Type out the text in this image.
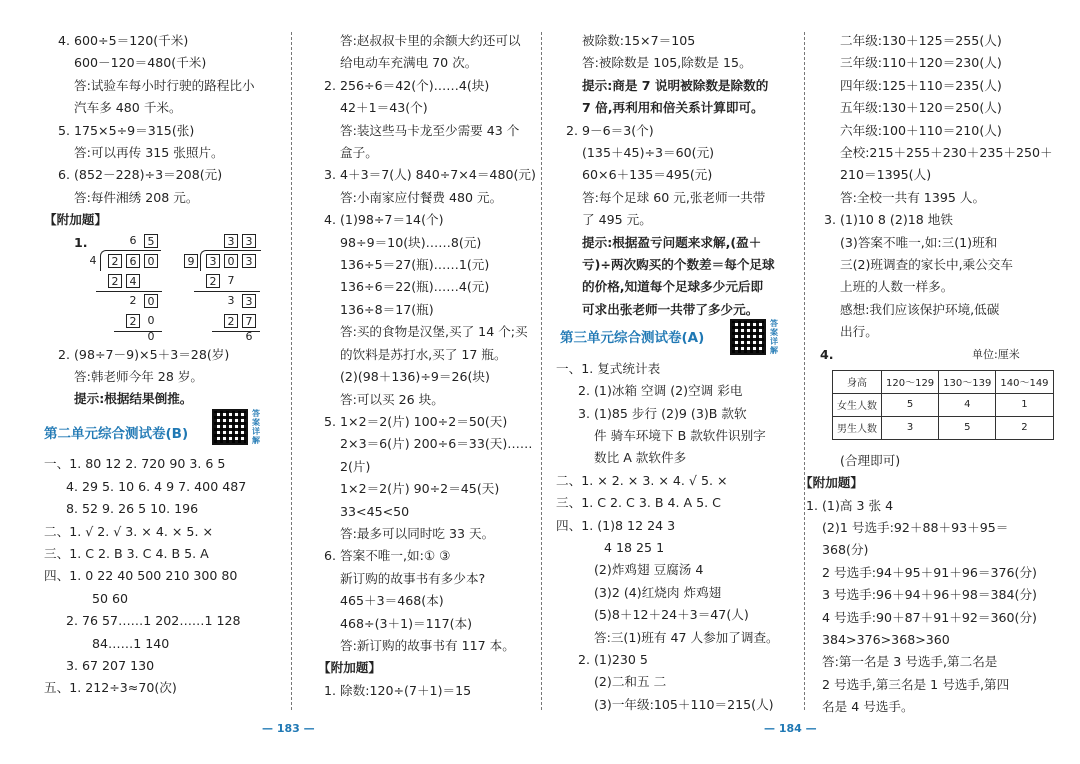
4. 600÷5＝120(千米)
600－120＝480(千米)
答:试验车每小时行驶的路程比小
汽车多 480 千米。
5. 175×5÷9＝315(张)
答:可以再传 315 张照片。
6. (852－228)÷3＝208(元)
答:每件湘绣 208 元。
【附加题】
1.	6	5
4	2	6	0
2	4
2	0
2	0
0
3	3
9	3	0	3
2	7
3	3
2	7
6
2. (98÷7－9)×5＋3＝28(岁)
答:韩老师今年 28 岁。
提示:根据结果倒推。
第二单元综合测试卷(B)
答案详解
一、1. 80 12 2. 720 90 3. 6 5
4. 29 5. 10 6. 4 9 7. 400 487
8. 52 9. 26 5 10. 196
二、1. √ 2. √ 3. × 4. × 5. ×
三、1. C 2. B 3. C 4. B 5. A
四、1. 0 22 40 500 210 300 80
50 60
2. 76 57……1 202……1 128
84……1 140
3. 67 207 130
五、1. 212÷3≈70(次)
答:赵叔叔卡里的余额大约还可以
给电动车充满电 70 次。
2. 256÷6＝42(个)……4(块)
42＋1＝43(个)
答:装这些马卡龙至少需要 43 个
盒子。
3. 4＋3＝7(人) 840÷7×4＝480(元)
答:小南家应付餐费 480 元。
4. (1)98÷7＝14(个)
98÷9＝10(块)……8(元)
136÷5＝27(瓶)……1(元)
136÷6＝22(瓶)……4(元)
136÷8＝17(瓶)
答:买的食物是汉堡,买了 14 个;买
的饮料是苏打水,买了 17 瓶。
(2)(98＋136)÷9＝26(块)
答:可以买 26 块。
5. 1×2＝2(片) 100÷2＝50(天)
2×3＝6(片) 200÷6＝33(天)……
2(片)
1×2＝2(片) 90÷2＝45(天)
33<45<50
答:最多可以同时吃 33 天。
6. 答案不唯一,如:① ③
新订购的故事书有多少本?
465＋3＝468(本)
468÷(3＋1)＝117(本)
答:新订购的故事书有 117 本。
【附加题】
1. 除数:120÷(7＋1)＝15
— 183 —
被除数:15×7＝105
答:被除数是 105,除数是 15。
提示:商是 7 说明被除数是除数的
7 倍,再利用和倍关系计算即可。
2. 9－6＝3(个)
(135＋45)÷3＝60(元)
60×6＋135＝495(元)
答:每个足球 60 元,张老师一共带
了 495 元。
提示:根据盈亏问题来求解,(盈＋
亏)÷两次购买的个数差＝每个足球
的价格,知道每个足球多少元后即
可求出张老师一共带了多少元。
第三单元综合测试卷(A)
答案详解
一、1. 复式统计表
2. (1)冰箱 空调 (2)空调 彩电
3. (1)85 步行 (2)9 (3)B 款软
件 骑车环境下 B 款软件识别字
数比 A 款软件多
二、1. × 2. × 3. × 4. √ 5. ×
三、1. C 2. C 3. B 4. A 5. C
四、1. (1)8 12 24 3
4 18 25 1
(2)炸鸡翅 豆腐汤 4
(3)2 (4)红烧肉 炸鸡翅
(5)8＋12＋24＋3＝47(人)
答:三(1)班有 47 人参加了调查。
2. (1)230 5
(2)二和五 二
(3)一年级:105＋110＝215(人)
二年级:130＋125＝255(人)
三年级:110＋120＝230(人)
四年级:125＋110＝235(人)
五年级:130＋120＝250(人)
六年级:100＋110＝210(人)
全校:215＋255＋230＋235＋250＋
210＝1395(人)
答:全校一共有 1395 人。
3. (1)10 8 (2)18 地铁
(3)答案不唯一,如:三(1)班和
三(2)班调查的家长中,乘公交车
上班的人数一样多。
感想:我们应该保护环境,低碳
出行。
4.	单位:厘米
身高	120～129	130～139	140～149
女生人数	5	4	1
男生人数	3	5	2
(合理即可)
【附加题】
1. (1)高 3 张 4
(2)1 号选手:92＋88＋93＋95＝
368(分)
2 号选手:94＋95＋91＋96＝376(分)
3 号选手:96＋94＋96＋98＝384(分)
4 号选手:90＋87＋91＋92＝360(分)
384>376>368>360
答:第一名是 3 号选手,第二名是
2 号选手,第三名是 1 号选手,第四
名是 4 号选手。
— 184 —
